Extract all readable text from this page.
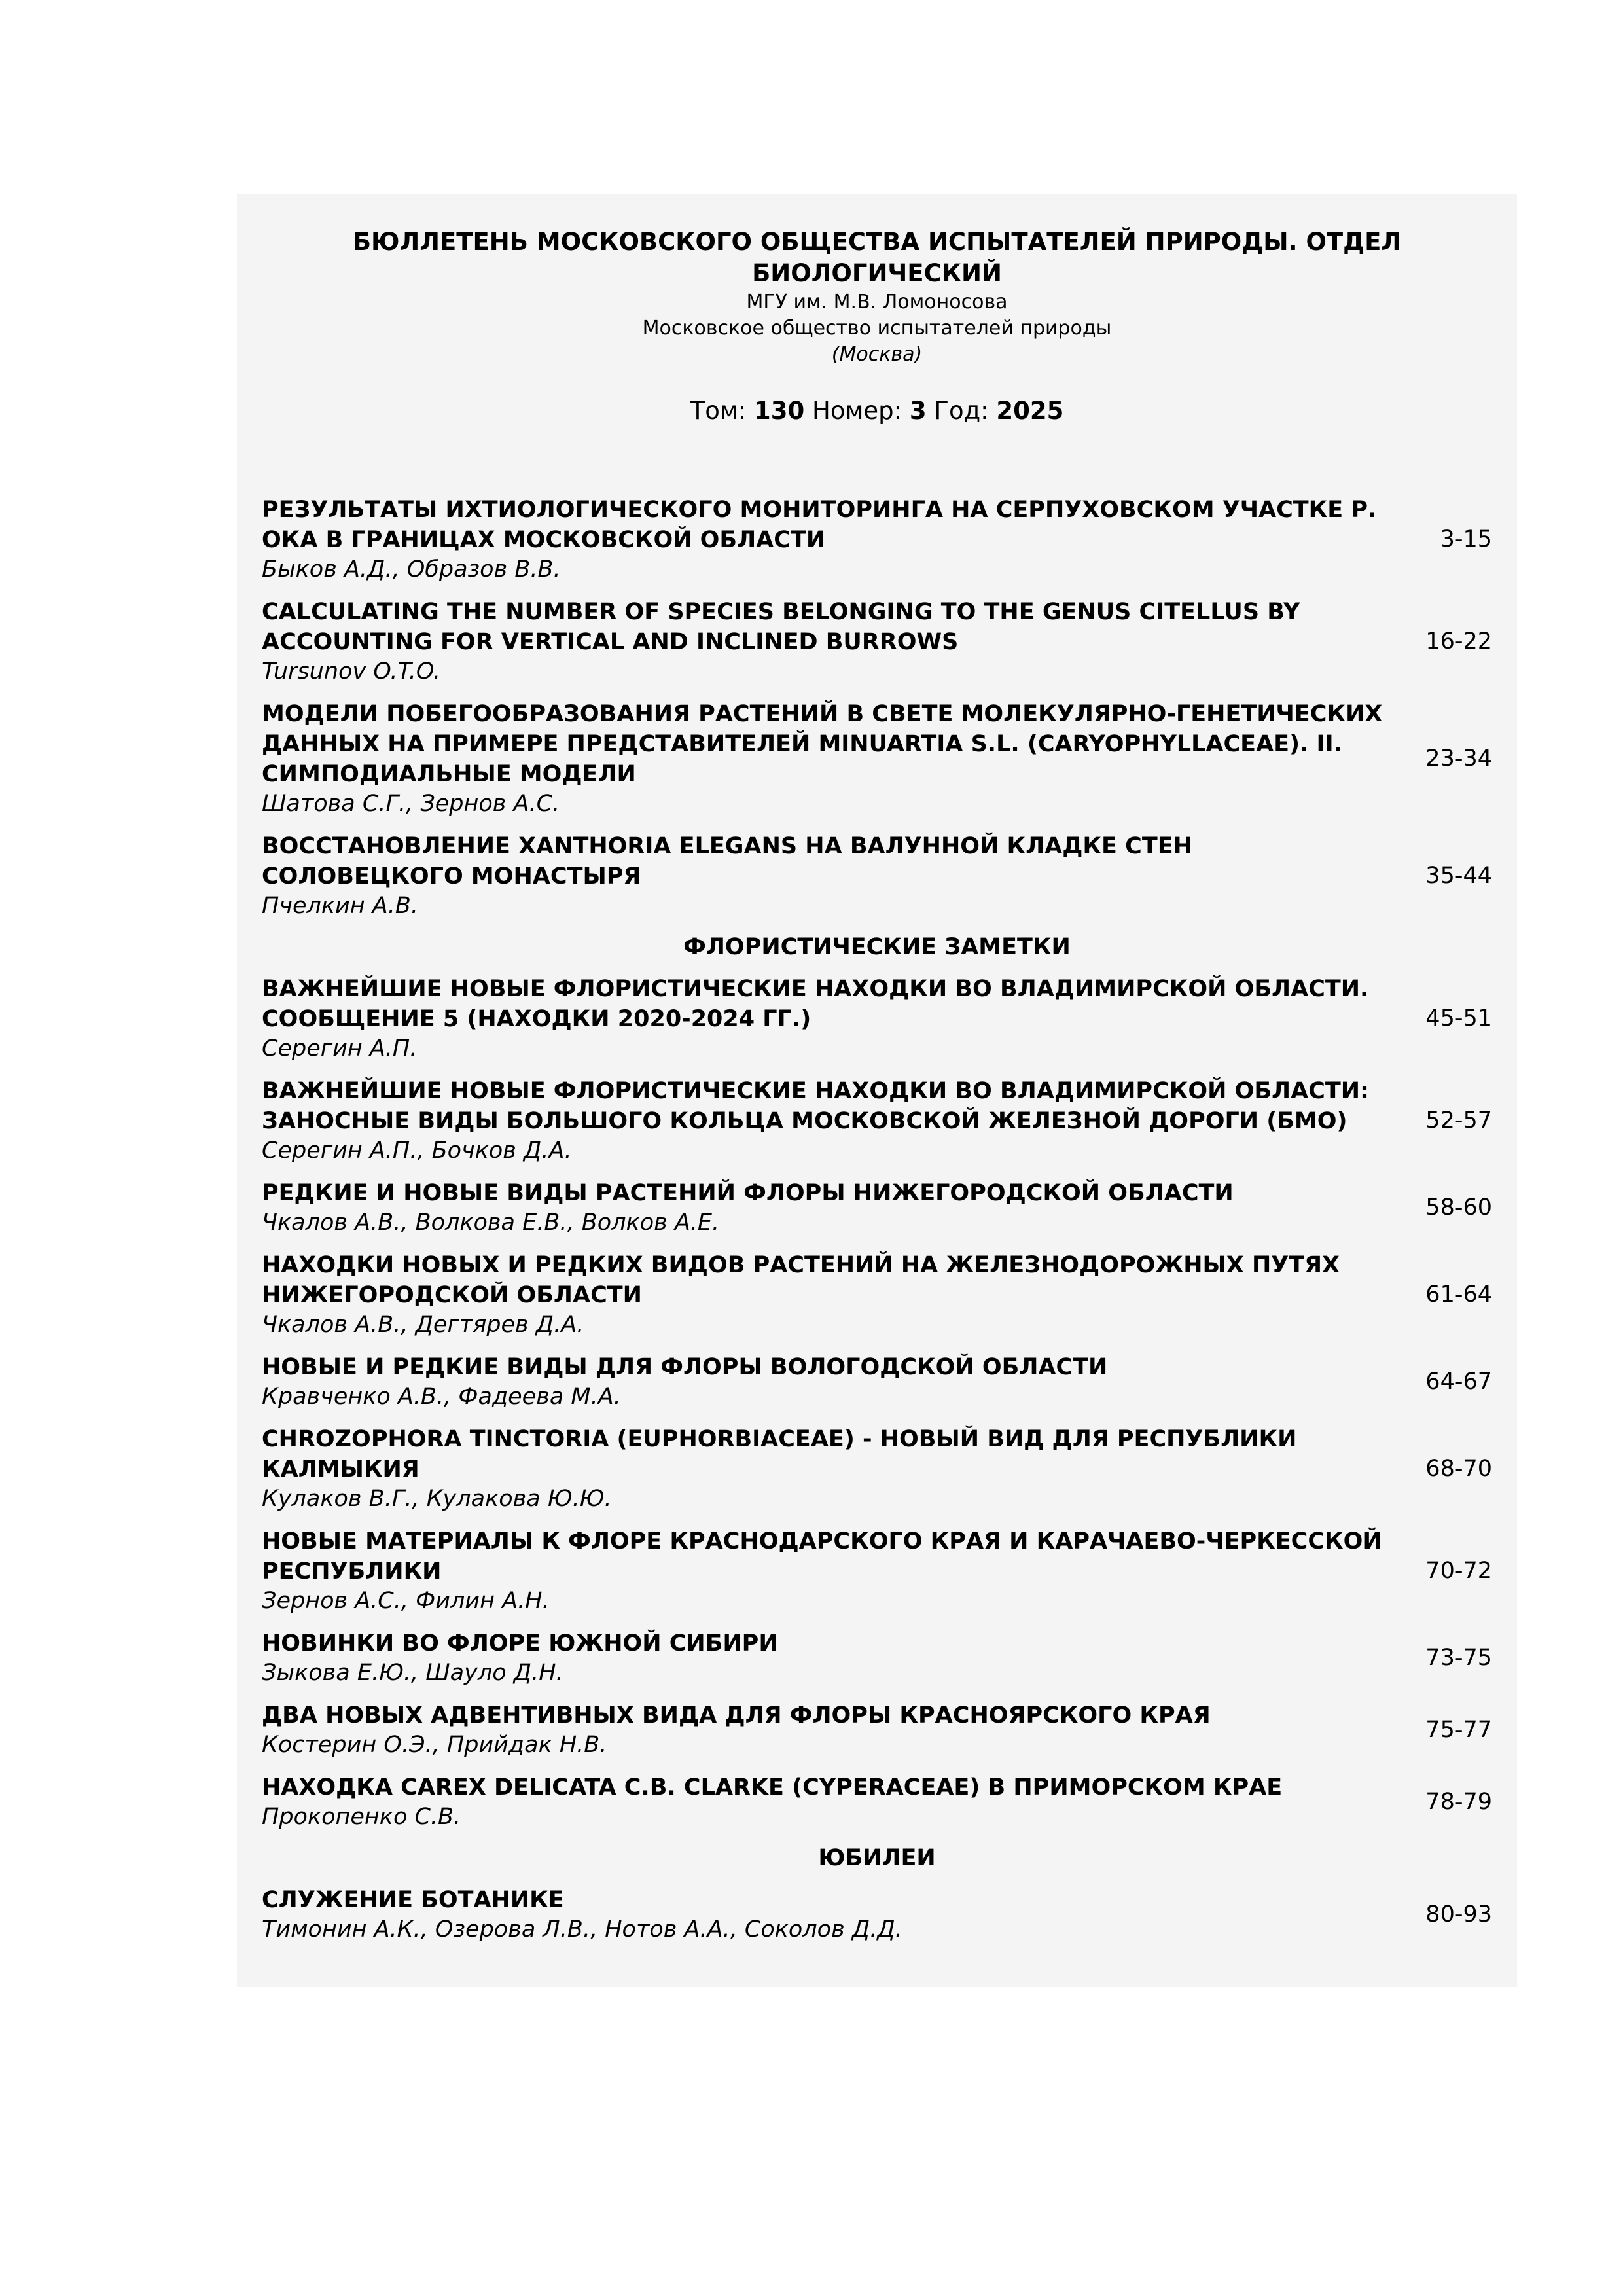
БЮЛЛЕТЕНЬ МОСКОВСКОГО ОБЩЕСТВА ИСПЫТАТЕЛЕЙ ПРИРОДЫ. ОТДЕЛ БИОЛОГИЧЕСКИЙ

МГУ им. М.В. Ломоносова
Московское общество испытателей природы
(Москва)
Том: 130 Номер: 3 Год: 2025
РЕЗУЛЬТАТЫ ИХТИОЛОГИЧЕСКОГО МОНИТОРИНГА НА СЕРПУХОВСКОМ УЧАСТКЕ Р. ОКА В ГРАНИЦАХ МОСКОВСКОЙ ОБЛАСТИ
Быков А.Д., Образов В.В.
3-15
CALCULATING THE NUMBER OF SPECIES BELONGING TO THE GENUS CITELLUS BY ACCOUNTING FOR VERTICAL AND INCLINED BURROWS
Tursunov O.T.O.
16-22
МОДЕЛИ ПОБЕГООБРАЗОВАНИЯ РАСТЕНИЙ В СВЕТЕ МОЛЕКУЛЯРНО-ГЕНЕТИЧЕСКИХ ДАННЫХ НА ПРИМЕРЕ ПРЕДСТАВИТЕЛЕЙ MINUARTIA S.L. (CARYOPHYLLACEAE). II. СИМПОДИАЛЬНЫЕ МОДЕЛИ
Шатова С.Г., Зернов А.С.
23-34
ВОССТАНОВЛЕНИЕ XANTHORIA ELEGANS НА ВАЛУННОЙ КЛАДКЕ СТЕН СОЛОВЕЦКОГО МОНАСТЫРЯ
Пчелкин А.В.
35-44
ФЛОРИСТИЧЕСКИЕ ЗАМЕТКИ
ВАЖНЕЙШИЕ НОВЫЕ ФЛОРИСТИЧЕСКИЕ НАХОДКИ ВО ВЛАДИМИРСКОЙ ОБЛАСТИ. СООБЩЕНИЕ 5 (НАХОДКИ 2020-2024 ГГ.)
Серегин А.П.
45-51
ВАЖНЕЙШИЕ НОВЫЕ ФЛОРИСТИЧЕСКИЕ НАХОДКИ ВО ВЛАДИМИРСКОЙ ОБЛАСТИ: ЗАНОСНЫЕ ВИДЫ БОЛЬШОГО КОЛЬЦА МОСКОВСКОЙ ЖЕЛЕЗНОЙ ДОРОГИ (БМО)
Серегин А.П., Бочков Д.А.
52-57
РЕДКИЕ И НОВЫЕ ВИДЫ РАСТЕНИЙ ФЛОРЫ НИЖЕГОРОДСКОЙ ОБЛАСТИ
Чкалов А.В., Волкова Е.В., Волков А.Е.
58-60
НАХОДКИ НОВЫХ И РЕДКИХ ВИДОВ РАСТЕНИЙ НА ЖЕЛЕЗНОДОРОЖНЫХ ПУТЯХ НИЖЕГОРОДСКОЙ ОБЛАСТИ
Чкалов А.В., Дегтярев Д.А.
61-64
НОВЫЕ И РЕДКИЕ ВИДЫ ДЛЯ ФЛОРЫ ВОЛОГОДСКОЙ ОБЛАСТИ
Кравченко А.В., Фадеева М.А.
64-67
CHROZOPHORA TINCTORIA (EUPHORBIACEAE) - НОВЫЙ ВИД ДЛЯ РЕСПУБЛИКИ КАЛМЫКИЯ
Кулаков В.Г., Кулакова Ю.Ю.
68-70
НОВЫЕ МАТЕРИАЛЫ К ФЛОРЕ КРАСНОДАРСКОГО КРАЯ И КАРАЧАЕВО-ЧЕРКЕССКОЙ РЕСПУБЛИКИ
Зернов А.С., Филин А.Н.
70-72
НОВИНКИ ВО ФЛОРЕ ЮЖНОЙ СИБИРИ
Зыкова Е.Ю., Шауло Д.Н.
73-75
ДВА НОВЫХ АДВЕНТИВНЫХ ВИДА ДЛЯ ФЛОРЫ КРАСНОЯРСКОГО КРАЯ
Костерин О.Э., Прийдак Н.В.
75-77
НАХОДКА CAREX DELICATA C.B. CLARKE (CYPERACEAE) В ПРИМОРСКОМ КРАЕ
Прокопенко С.В.
78-79
ЮБИЛЕИ
СЛУЖЕНИЕ БОТАНИКЕ
Тимонин А.К., Озерова Л.В., Нотов А.А., Соколов Д.Д.
80-93
